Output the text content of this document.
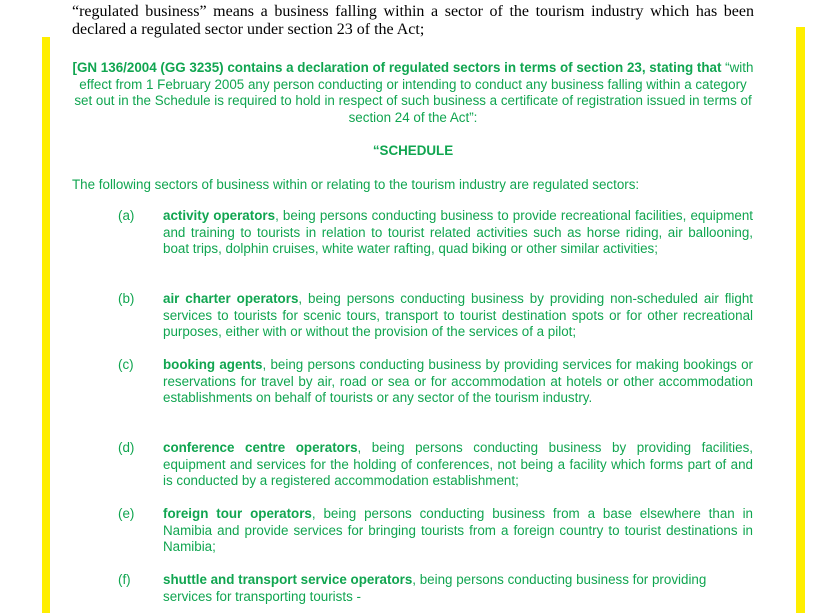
“regulated business” means a business falling within a sector of the tourism industry which has been declared a regulated sector under section 23 of the Act;
[GN 136/2004 (GG 3235) contains a declaration of regulated sectors in terms of section 23, stating that “with effect from 1 February 2005 any person conducting or intending to conduct any business falling within a category set out in the Schedule is required to hold in respect of such business a certificate of registration issued in terms of section 24 of the Act”:
“SCHEDULE
The following sectors of business within or relating to the tourism industry are regulated sectors:
(a)	activity operators, being persons conducting business to provide recreational facilities, equipment and training to tourists in relation to tourist related activities such as horse riding, air ballooning, boat trips, dolphin cruises, white water rafting, quad biking or other similar activities;
(b)	air charter operators, being persons conducting business by providing non-scheduled air flight services to tourists for scenic tours, transport to tourist destination spots or for other recreational purposes, either with or without the provision of the services of a pilot;
(c)	booking agents, being persons conducting business by providing services for making bookings or reservations for travel by air, road or sea or for accommodation at hotels or other accommodation establishments on behalf of tourists or any sector of the tourism industry.
(d)	conference centre operators, being persons conducting business by providing facilities, equipment and services for the holding of conferences, not being a facility which forms part of and is conducted by a registered accommodation establishment;
(e)	foreign tour operators, being persons conducting business from a base elsewhere than in Namibia and provide services for bringing tourists from a foreign country to tourist destinations in Namibia;
(f)	shuttle and transport service operators, being persons conducting business for providing services for transporting tourists -
